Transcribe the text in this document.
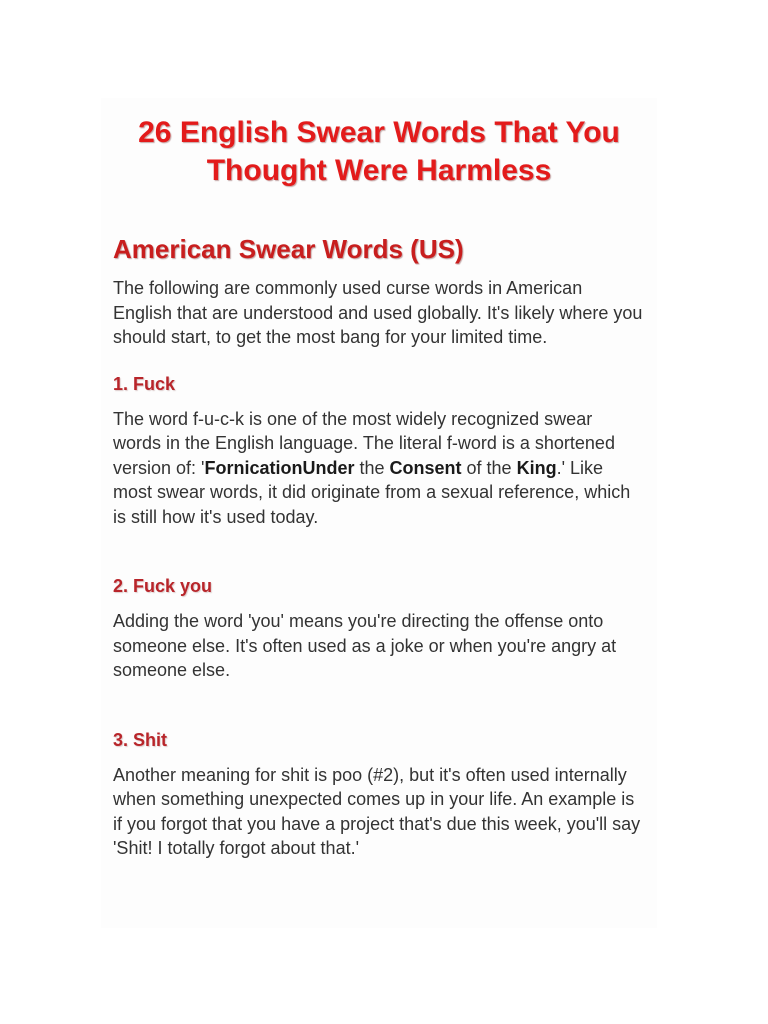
26 English Swear Words That You Thought Were Harmless
American Swear Words (US)

The following are commonly used curse words in American English that are understood and used globally. It's likely where you should start, to get the most bang for your limited time.

1. Fuck

The word f-u-c-k is one of the most widely recognized swear words in the English language. The literal f-word is a shortened version of: 'FornicationUnder the Consent of the King.' Like most swear words, it did originate from a sexual reference, which is still how it's used today.

2. Fuck you

Adding the word 'you' means you're directing the offense onto someone else. It's often used as a joke or when you're angry at someone else.

3. Shit

Another meaning for shit is poo (#2), but it's often used internally when something unexpected comes up in your life. An example is if you forgot that you have a project that's due this week, you'll say 'Shit! I totally forgot about that.'
